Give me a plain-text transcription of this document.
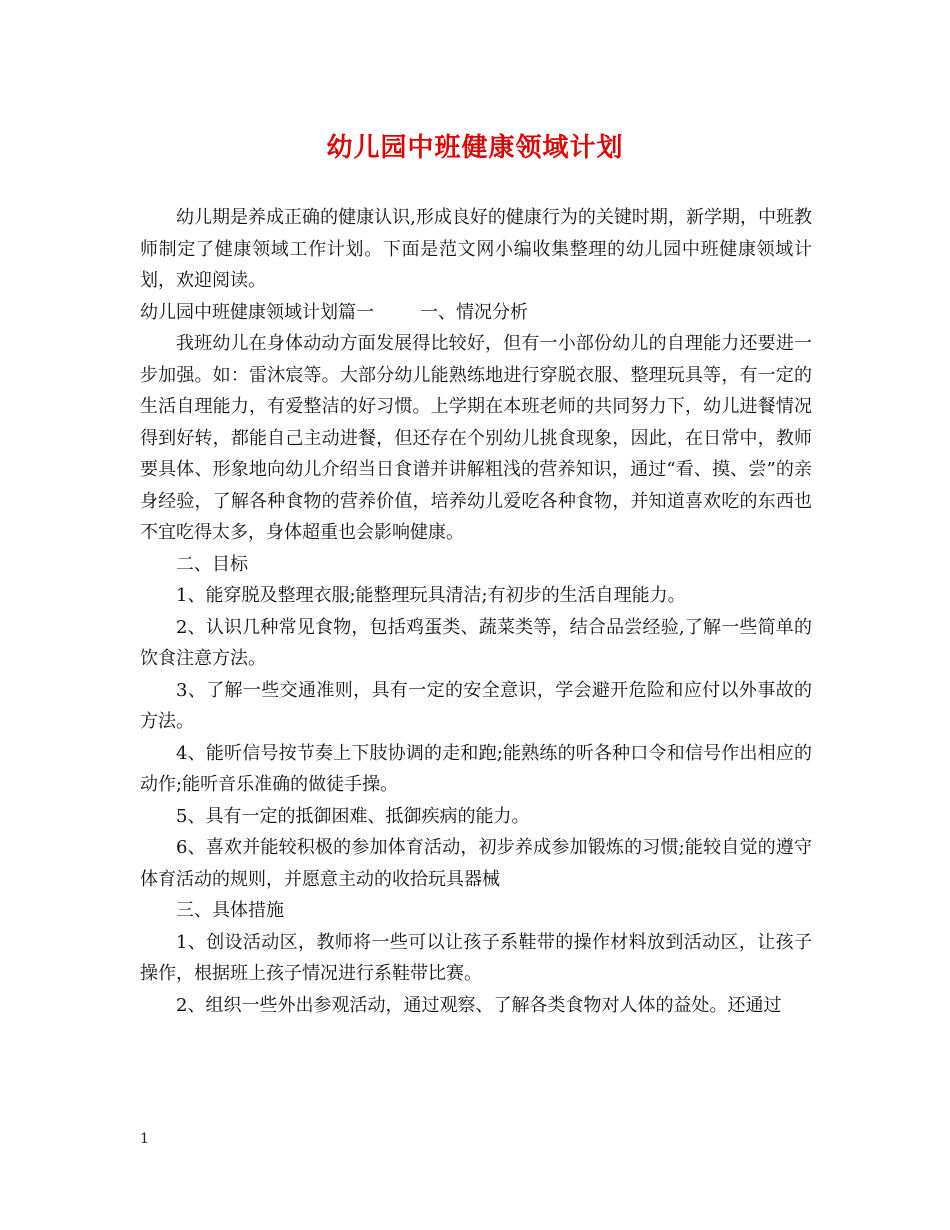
幼儿园中班健康领域计划

幼儿期是养成正确的健康认识,形成良好的健康行为的关键时期，新学期，中班教师制定了健康领域工作计划。下面是范文网小编收集整理的幼儿园中班健康领域计划，欢迎阅读。

幼儿园中班健康领域计划篇一	一、情况分析

我班幼儿在身体动动方面发展得比较好，但有一小部份幼儿的自理能力还要进一步加强。如：雷沐宸等。大部分幼儿能熟练地进行穿脱衣服、整理玩具等，有一定的生活自理能力，有爱整洁的好习惯。上学期在本班老师的共同努力下，幼儿进餐情况得到好转，都能自己主动进餐，但还存在个别幼儿挑食现象，因此，在日常中，教师要具体、形象地向幼儿介绍当日食谱并讲解粗浅的营养知识，通过“看、摸、尝”的亲身经验，了解各种食物的营养价值，培养幼儿爱吃各种食物，并知道喜欢吃的东西也不宜吃得太多，身体超重也会影响健康。

二、目标

1、能穿脱及整理衣服;能整理玩具清洁;有初步的生活自理能力。

2、认识几种常见食物，包括鸡蛋类、蔬菜类等，结合品尝经验,了解一些简单的饮食注意方法。

3、了解一些交通准则，具有一定的安全意识，学会避开危险和应付以外事故的方法。

4、能听信号按节奏上下肢协调的走和跑;能熟练的听各种口令和信号作出相应的动作;能听音乐准确的做徒手操。

5、具有一定的抵御困难、抵御疾病的能力。

6、喜欢并能较积极的参加体育活动，初步养成参加锻炼的习惯;能较自觉的遵守体育活动的规则，并愿意主动的收拾玩具器械

三、具体措施

1、创设活动区，教师将一些可以让孩子系鞋带的操作材料放到活动区，让孩子操作，根据班上孩子情况进行系鞋带比赛。

2、组织一些外出参观活动，通过观察、了解各类食物对人体的益处。还通过

1
